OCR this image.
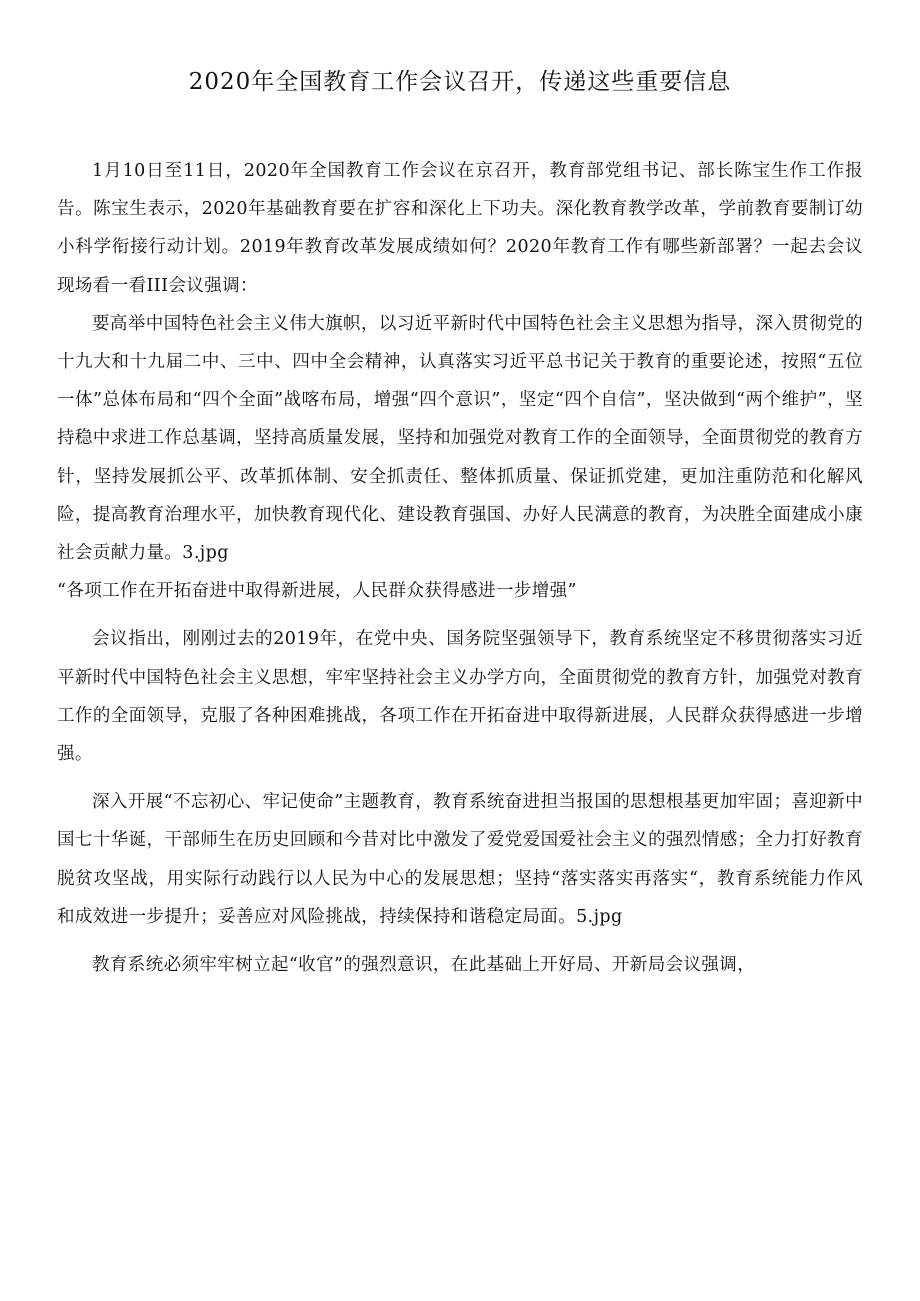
2020年全国教育工作会议召开，传递这些重要信息

1月10日至11日，2020年全国教育工作会议在京召开，教育部党组书记、部长陈宝生作工作报告。陈宝生表示，2020年基础教育要在扩容和深化上下功夫。深化教育教学改革，学前教育要制订幼小科学衔接行动计划。2019年教育改革发展成绩如何？2020年教育工作有哪些新部署？一起去会议现场看一看III会议强调：

要高举中国特色社会主义伟大旗帜，以习近平新时代中国特色社会主义思想为指导，深入贯彻党的十九大和十九届二中、三中、四中全会精神，认真落实习近平总书记关于教育的重要论述，按照“五位一体”总体布局和“四个全面”战喀布局，增强“四个意识”，坚定“四个自信”，坚决做到“两个维护”，坚持稳中求进工作总基调，坚持高质量发展，坚持和加强党对教育工作的全面领导，全面贯彻党的教育方针，坚持发展抓公平、改革抓体制、安全抓责任、整体抓质量、保证抓党建，更加注重防范和化解风险，提高教育治理水平，加快教育现代化、建设教育强国、办好人民满意的教育，为决胜全面建成小康社会贡献力量。3.jpg

“各项工作在开拓奋进中取得新进展，人民群众获得感进一步增强”

会议指出，刚刚过去的2019年，在党中央、国务院坚强领导下，教育系统坚定不移贯彻落实习近平新时代中国特色社会主义思想，牢牢坚持社会主义办学方向，全面贯彻党的教育方针，加强党对教育工作的全面领导，克服了各种困难挑战，各项工作在开拓奋进中取得新进展，人民群众获得感进一步增强。

深入开展“不忘初心、牢记使命”主题教育，教育系统奋进担当报国的思想根基更加牢固；喜迎新中国七十华诞，干部师生在历史回顾和今昔对比中激发了爱党爱国爱社会主义的强烈情感；全力打好教育脱贫攻坚战，用实际行动践行以人民为中心的发展思想；坚持“落实落实再落实“，教育系统能力作风和成效进一步提升；妥善应对风险挑战，持续保持和谐稳定局面。5.jpg

教育系统必须牢牢树立起“收官”的强烈意识，在此基础上开好局、开新局会议强调，
